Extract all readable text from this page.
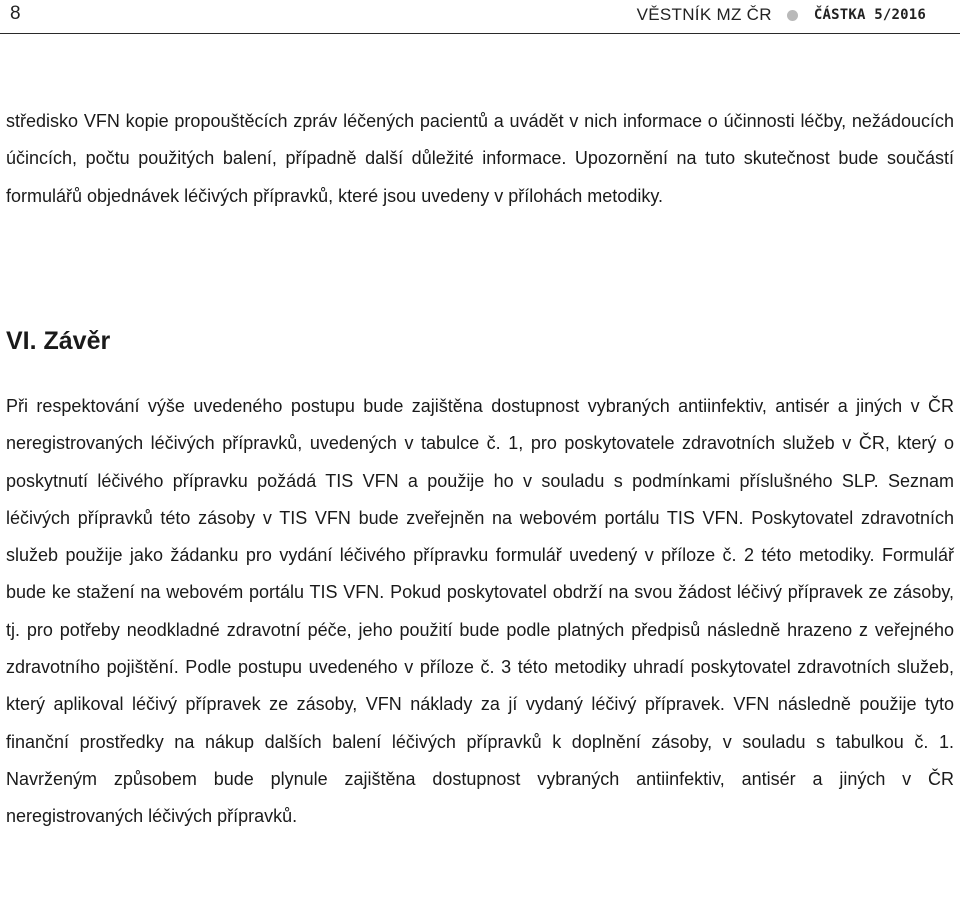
8	VĚSTNÍK MZ ČR	ČÁSTKA 5/2016

středisko VFN kopie propouštěcích zpráv léčených pacientů a uvádět v nich informace o účinnosti léčby, nežádoucích účincích, počtu použitých balení, případně další důležité informace. Upozornění na tuto skutečnost bude součástí formulářů objednávek léčivých přípravků, které jsou uvedeny v přílohách metodiky.

VI. Závěr

Při respektování výše uvedeného postupu bude zajištěna dostupnost vybraných antiinfektiv, antisér a jiných v ČR neregistrovaných léčivých přípravků, uvedených v tabulce č. 1, pro poskytovatele zdravotních služeb v ČR, který o poskytnutí léčivého přípravku požádá TIS VFN a použije ho v souladu s podmínkami příslušného SLP. Seznam léčivých přípravků této zásoby v TIS VFN bude zveřejněn na webovém portálu TIS VFN. Poskytovatel zdravotních služeb použije jako žádanku pro vydání léčivého přípravku formulář uvedený v příloze č. 2 této metodiky. Formulář bude ke stažení na webovém portálu TIS VFN. Pokud poskytovatel obdrží na svou žádost léčivý přípravek ze zásoby, tj. pro potřeby neodkladné zdravotní péče, jeho použití bude podle platných předpisů následně hrazeno z veřejného zdravotního pojištění. Podle postupu uvedeného v příloze č. 3 této metodiky uhradí poskytovatel zdravotních služeb, který aplikoval léčivý přípravek ze zásoby, VFN náklady za jí vydaný léčivý přípravek. VFN následně použije tyto finanční prostředky na nákup dalších balení léčivých přípravků k doplnění zásoby, v souladu s tabulkou č. 1. Navrženým způsobem bude plynule zajištěna dostupnost vybraných antiinfektiv, antisér a jiných v ČR neregistrovaných léčivých přípravků.
